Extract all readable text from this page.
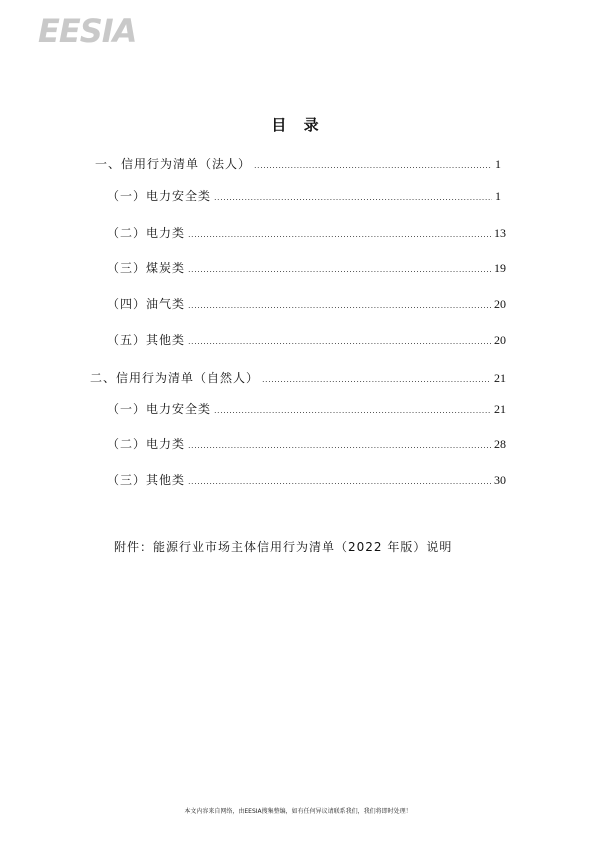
EESIA
目 录
一、信用行为清单（法人） .....	1
（一）电力安全类 .....	1
（二）电力类 .....	13
（三）煤炭类 .....	19
（四）油气类 .....	20
（五）其他类 .....	20
二、信用行为清单（自然人） .....	21
（一）电力安全类 .....	21
（二）电力类 .....	28
（三）其他类 .....	30
附件：能源行业市场主体信用行为清单（2022 年版）说明
本文内容来自网络，由EESIA搜集整编，如有任何异议请联系我们，我们将即时处理！
